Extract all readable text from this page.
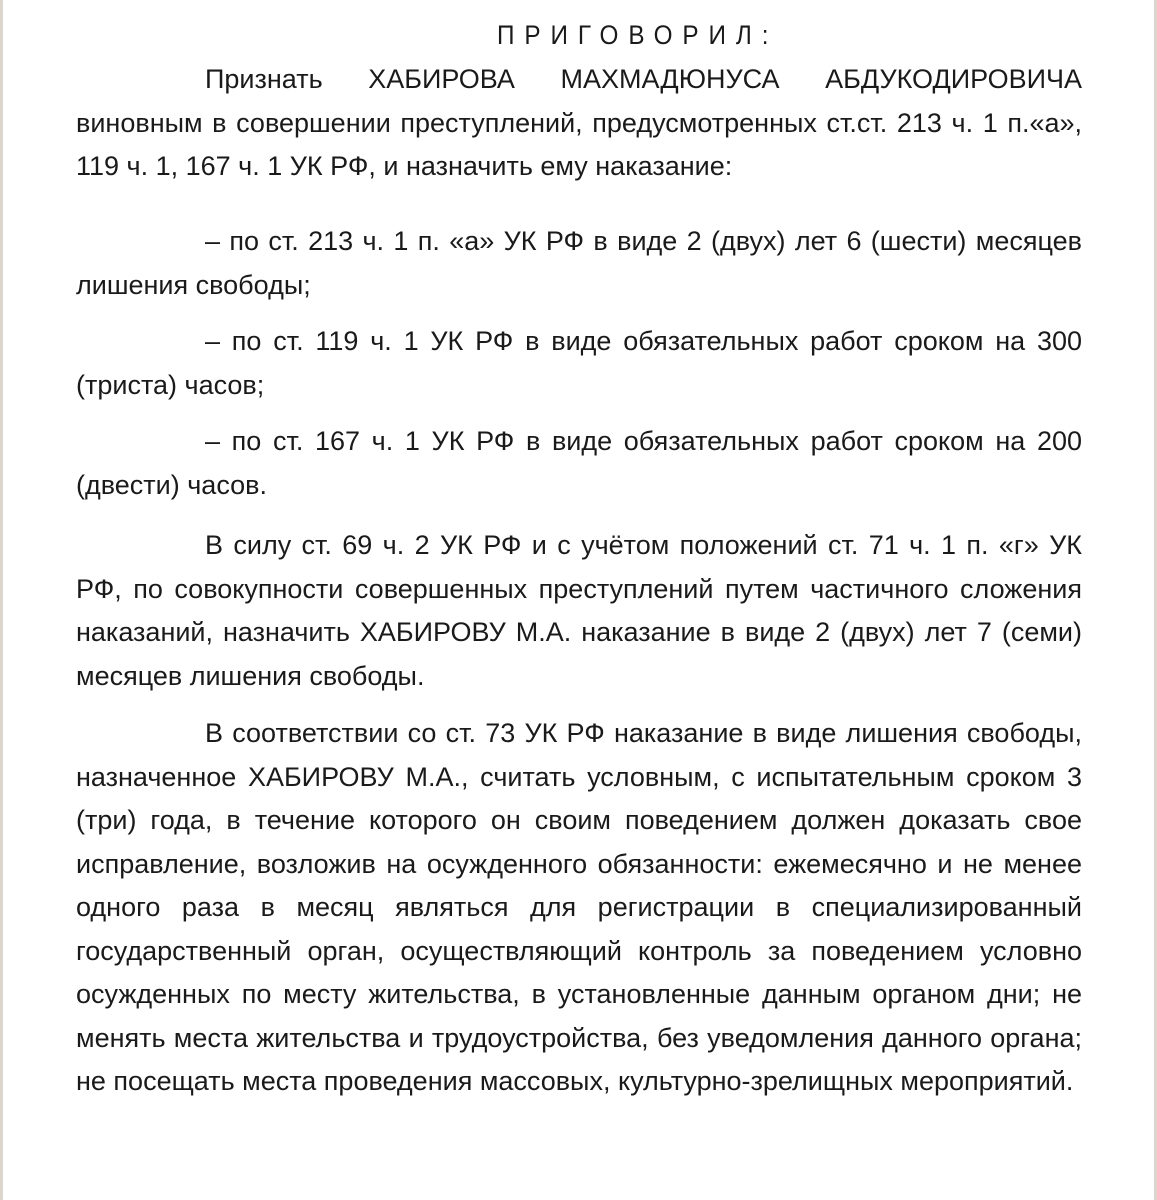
ПРИГОВОРИЛ:

Признать ХАБИРОВА МАХМАДЮНУСА АБДУКОДИРОВИЧА виновным в совершении преступлений, предусмотренных ст.ст. 213 ч. 1 п.«а», 119 ч. 1, 167 ч. 1 УК РФ, и назначить ему наказание:

– по ст. 213 ч. 1 п. «а» УК РФ в виде 2 (двух) лет 6 (шести) месяцев лишения свободы;

– по ст. 119 ч. 1 УК РФ в виде обязательных работ сроком на 300 (триста) часов;

– по ст. 167 ч. 1 УК РФ в виде обязательных работ сроком на 200 (двести) часов.

В силу ст. 69 ч. 2 УК РФ и с учётом положений ст. 71 ч. 1 п. «г» УК РФ, по совокупности совершенных преступлений путем частичного сложения наказаний, назначить ХАБИРОВУ М.А. наказание в виде 2 (двух) лет 7 (семи) месяцев лишения свободы.

В соответствии со ст. 73 УК РФ наказание в виде лишения свободы, назначенное ХАБИРОВУ М.А., считать условным, с испытательным сроком 3 (три) года, в течение которого он своим поведением должен доказать свое исправление, возложив на осужденного обязанности: ежемесячно и не менее одного раза в месяц являться для регистрации в специализированный государственный орган, осуществляющий контроль за поведением условно осужденных по месту жительства, в установленные данным органом дни; не менять места жительства и трудоустройства, без уведомления данного органа; не посещать места проведения массовых, культурно-зрелищных мероприятий.
